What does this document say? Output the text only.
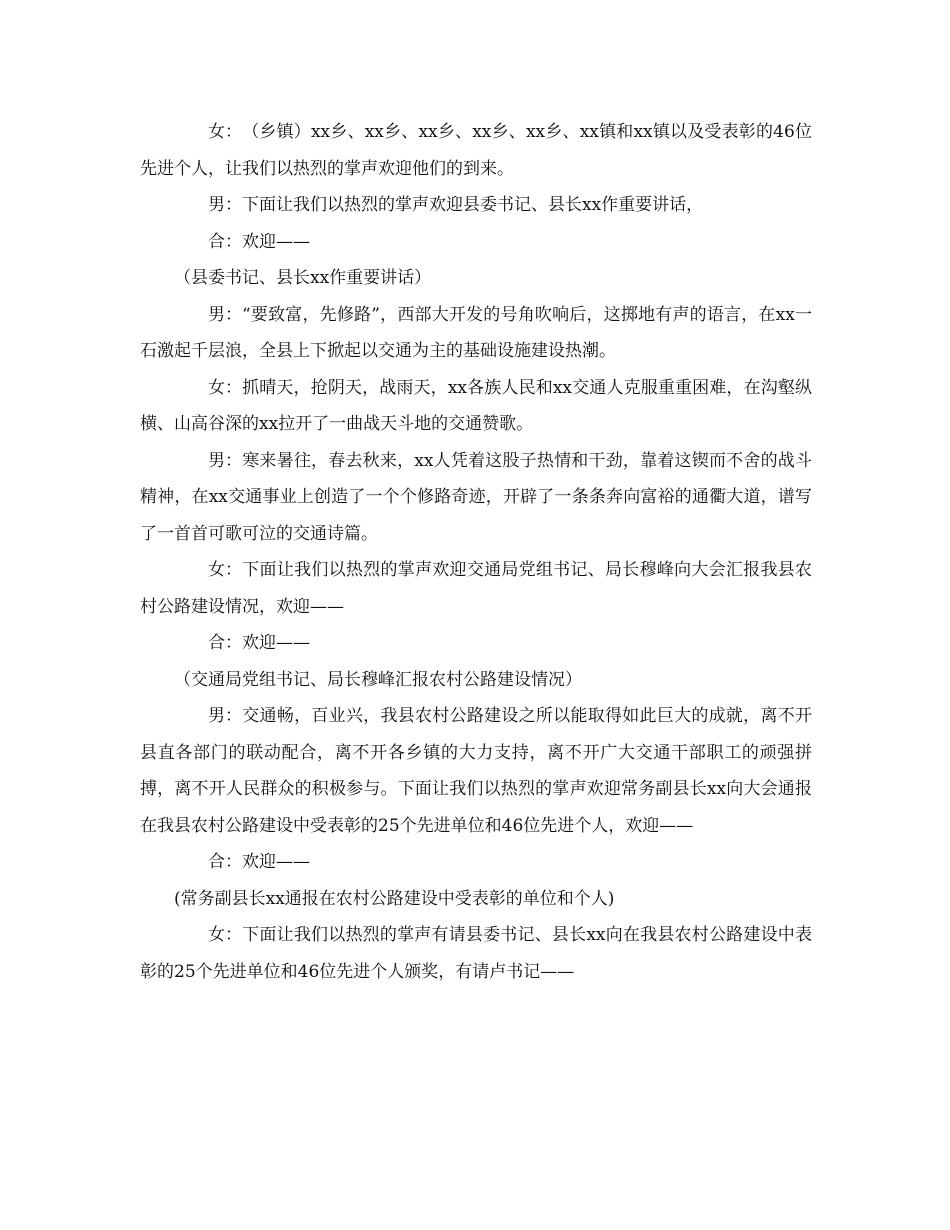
女：（乡镇）xx乡、xx乡、xx乡、xx乡、xx乡、xx镇和xx镇以及受表彰的46位先进个人，让我们以热烈的掌声欢迎他们的到来。

男：下面让我们以热烈的掌声欢迎县委书记、县长xx作重要讲话，

合：欢迎——

（县委书记、县长xx作重要讲话）

男：“要致富，先修路”，西部大开发的号角吹响后，这掷地有声的语言，在xx一石激起千层浪，全县上下掀起以交通为主的基础设施建设热潮。

女：抓晴天，抢阴天，战雨天，xx各族人民和xx交通人克服重重困难，在沟壑纵横、山高谷深的xx拉开了一曲战天斗地的交通赞歌。

男：寒来暑往，春去秋来，xx人凭着这股子热情和干劲，靠着这锲而不舍的战斗精神，在xx交通事业上创造了一个个修路奇迹，开辟了一条条奔向富裕的通衢大道，谱写了一首首可歌可泣的交通诗篇。

女：下面让我们以热烈的掌声欢迎交通局党组书记、局长穆峰向大会汇报我县农村公路建设情况，欢迎——

合：欢迎——

（交通局党组书记、局长穆峰汇报农村公路建设情况）

男：交通畅，百业兴，我县农村公路建设之所以能取得如此巨大的成就，离不开县直各部门的联动配合，离不开各乡镇的大力支持，离不开广大交通干部职工的顽强拼搏，离不开人民群众的积极参与。下面让我们以热烈的掌声欢迎常务副县长xx向大会通报在我县农村公路建设中受表彰的25个先进单位和46位先进个人，欢迎——

合：欢迎——

(常务副县长xx通报在农村公路建设中受表彰的单位和个人)

女：下面让我们以热烈的掌声有请县委书记、县长xx向在我县农村公路建设中表彰的25个先进单位和46位先进个人颁奖，有请卢书记——
